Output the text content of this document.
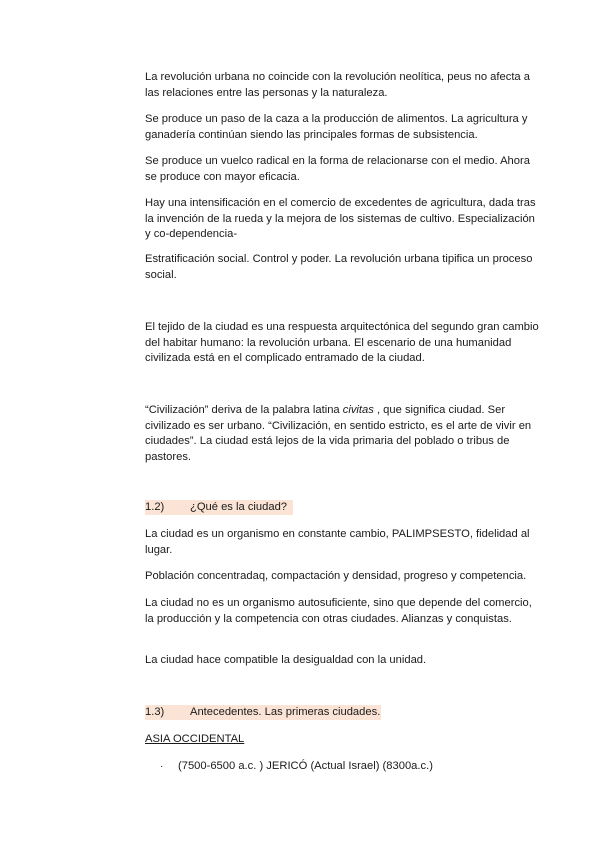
La revolución urbana no coincide con la revolución neolítica, peus no afecta a las relaciones entre las personas y la naturaleza.

Se produce un paso de la caza a la producción de alimentos. La agricultura y ganadería continúan siendo las principales formas de subsistencia.

Se produce un vuelco radical en la forma de relacionarse con el medio. Ahora se produce con mayor eficacia.

Hay una intensificación en el comercio de excedentes de agricultura, dada tras la invención de la rueda y la mejora de los sistemas de cultivo. Especialización y co-dependencia-

Estratificación social. Control y poder. La revolución urbana tipifica un proceso social.

El tejido de la ciudad es una respuesta arquitectónica del segundo gran cambio del habitar humano: la revolución urbana. El escenario de una humanidad civilizada está en el complicado entramado de la ciudad.

“Civilización” deriva de la palabra latina civitas , que significa ciudad. Ser civilizado es ser urbano. “Civilización, en sentido estricto, es el arte de vivir en ciudades”. La ciudad está lejos de la vida primaria del poblado o tribus de pastores.

1.2) ¿Qué es la ciudad?

La ciudad es un organismo en constante cambio, PALIMPSESTO, fidelidad al lugar.

Población concentradaq, compactación y densidad, progreso y competencia.

La ciudad no es un organismo autosuficiente, sino que depende del comercio, la producción y la competencia con otras ciudades. Alianzas y conquistas.

La ciudad hace compatible la desigualdad con la unidad.

1.3) Antecedentes. Las primeras ciudades.
ASIA OCCIDENTAL
· (7500-6500 a.c. ) JERICÓ (Actual Israel) (8300a.c.)
